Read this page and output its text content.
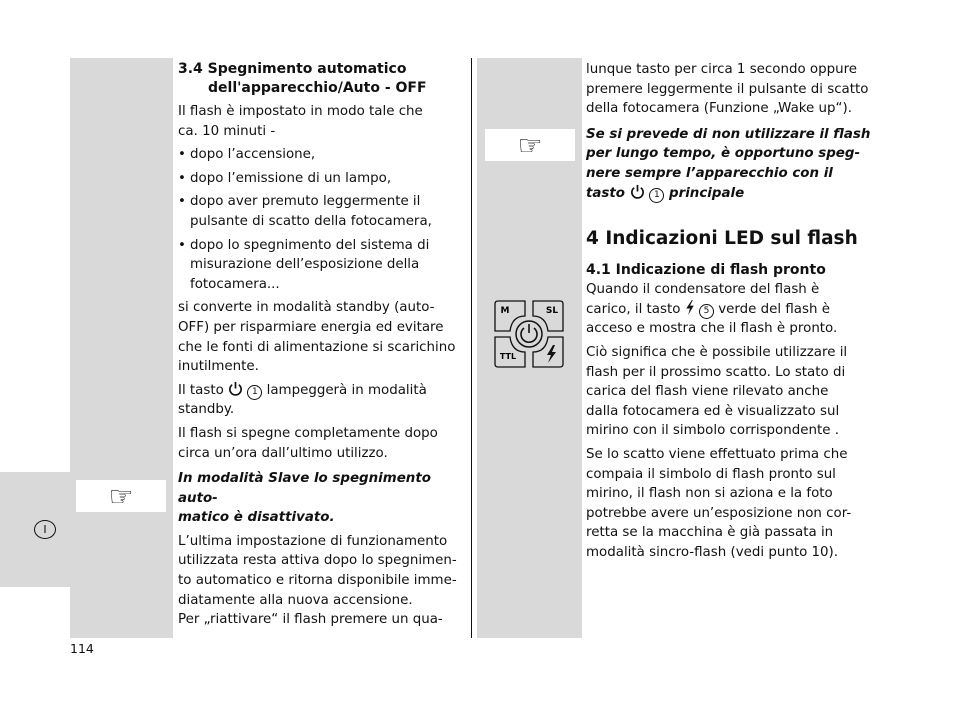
I
☞
☞
M	SL
TTL
3.4 Spegnimento automatico
dell'apparecchio/Auto - OFF

Il flash è impostato in modo tale che
ca. 10 minuti -

• dopo l’accensione,

• dopo l’emissione di un lampo,

• dopo aver premuto leggermente il
pulsante di scatto della fotocamera,

• dopo lo spegnimento del sistema di
misurazione dell’esposizione della
fotocamera...

si converte in modalità standby (auto-
OFF) per risparmiare energia ed evitare
che le fonti di alimentazione si scarichino
inutilmente.

Il tasto	1 lampeggerà in modalità
standby.

Il flash si spegne completamente dopo
circa un’ora dall’ultimo utilizzo.

In modalità Slave lo spegnimento auto-
matico è disattivato.

L’ultima impostazione di funzionamento
utilizzata resta attiva dopo lo spegnimen-
to automatico e ritorna disponibile imme-
diatamente alla nuova accensione.
Per „riattivare“ il flash premere un qua-

lunque tasto per circa 1 secondo oppure
premere leggermente il pulsante di scatto
della fotocamera (Funzione „Wake up“).

Se si prevede di non utilizzare il flash
per lungo tempo, è opportuno speg-
nere sempre l’apparecchio con il
tasto	1 principale

4 Indicazioni LED sul flash

4.1 Indicazione di flash pronto

Quando il condensatore del flash è
carico, il tasto	5 verde del flash è
acceso e mostra che il flash è pronto.

Ciò significa che è possibile utilizzare il
flash per il prossimo scatto. Lo stato di
carica del flash viene rilevato anche
dalla fotocamera ed è visualizzato sul
mirino con il simbolo corrispondente .

Se lo scatto viene effettuato prima che
compaia il simbolo di flash pronto sul
mirino, il flash non si aziona e la foto
potrebbe avere un’esposizione non cor-
retta se la macchina è già passata in
modalità sincro-flash (vedi punto 10).

114
